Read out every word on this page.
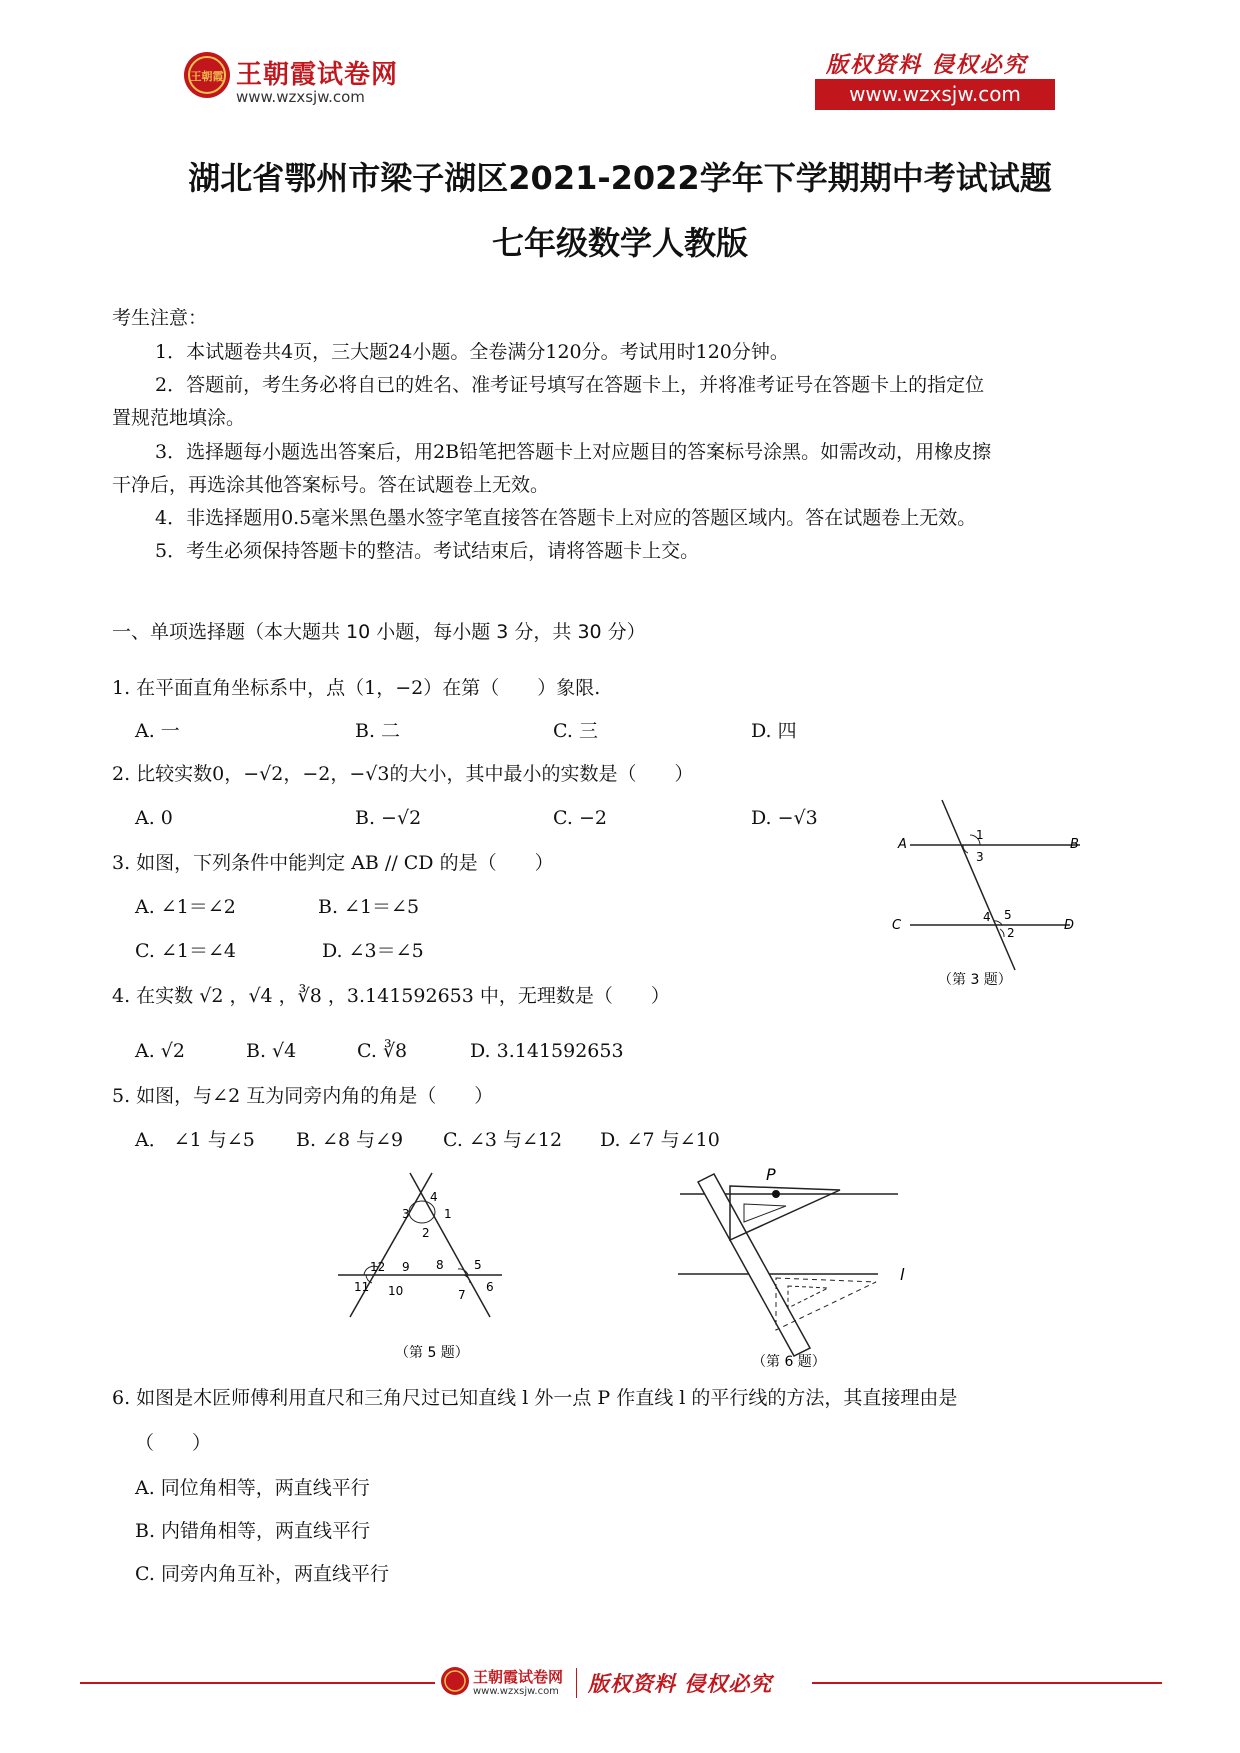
王朝霞 王朝霞试卷网
www.wzxsjw.com
版权资料 侵权必究
www.wzxsjw.com
湖北省鄂州市梁子湖区2021-2022学年下学期期中考试试题
七年级数学人教版
考生注意：
1．本试题卷共4页，三大题24小题。全卷满分120分。考试用时120分钟。
2．答题前，考生务必将自已的姓名、准考证号填写在答题卡上，并将准考证号在答题卡上的指定位
置规范地填涂。
3．选择题每小题选出答案后，用2B铅笔把答题卡上对应题目的答案标号涂黑。如需改动，用橡皮擦
干净后，再选涂其他答案标号。答在试题卷上无效。
4．非选择题用0.5毫米黑色墨水签字笔直接答在答题卡上对应的答题区域内。答在试题卷上无效。
5．考生必须保持答题卡的整洁。考试结束后，请将答题卡上交。
一、单项选择题（本大题共 10 小题，每小题 3 分，共 30 分）
1. 在平面直角坐标系中，点（1，−2）在第（　　）象限.
A. 一	B. 二	C. 三	D. 四
2. 比较实数0，−√2，−2，−√3的大小，其中最小的实数是（　　）
A. 0	B. −√2	C. −2	D. −√3
3. 如图，下列条件中能判定 AB // CD 的是（　　）
A. ∠1＝∠2	B. ∠1＝∠5
C. ∠1＝∠4	D. ∠3＝∠5
A	B
C	D
1
3
4 5
2
（第 3 题）
4. 在实数 √2 ，√4 ，∛8 ，3.141592653 中，无理数是（　　）
A. √2	B. √4	C. ∛8	D. 3.141592653
5. 如图，与∠2 互为同旁内角的角是（　　）
A． ∠1 与∠5 B. ∠8 与∠9 C. ∠3 与∠12 D. ∠7 与∠10
4
3	1
2
12 9 8	5
11 10	7
6
（第 5 题）
P
l
（第 6 题）
6. 如图是木匠师傅利用直尺和三角尺过已知直线 l 外一点 P 作直线 l 的平行线的方法，其直接理由是
（　　）
A. 同位角相等，两直线平行
B. 内错角相等，两直线平行
C. 同旁内角互补，两直线平行
王朝霞试卷网
www.wzxsjw.com 版权资料 侵权必究
